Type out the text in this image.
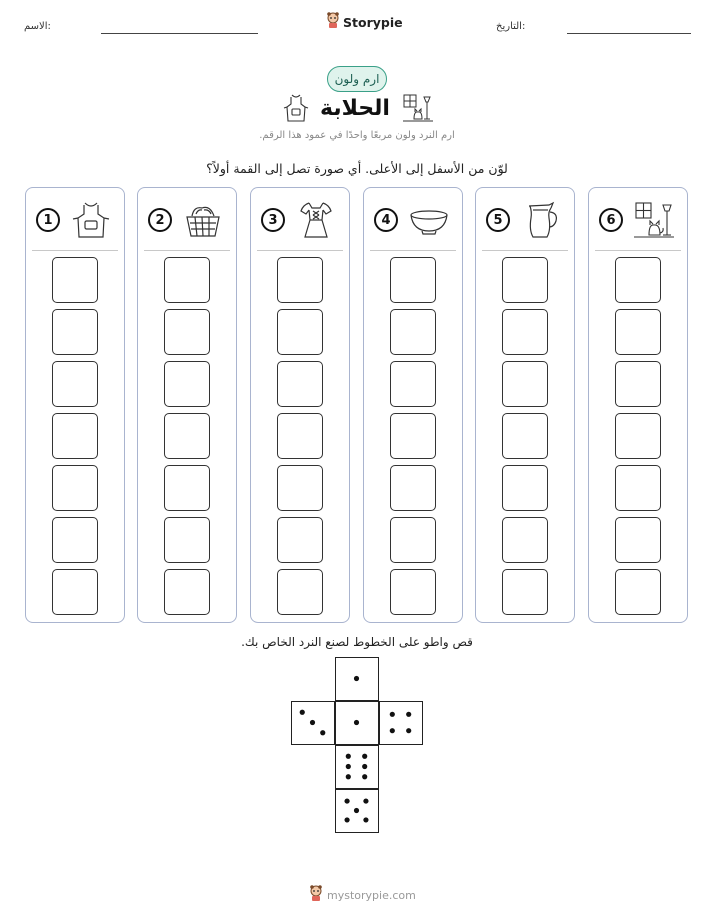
الاسم:	التاريخ:
Storypie
ارم ولون
الحلابة
ارم النرد ولون مربعًا واحدًا في عمود هذا الرقم.
لوّن من الأسفل إلى الأعلى. أي صورة تصل إلى القمة أولاً؟
1	2	3	4	5	6
قص واطو على الخطوط لصنع النرد الخاص بك.
mystorypie.com
